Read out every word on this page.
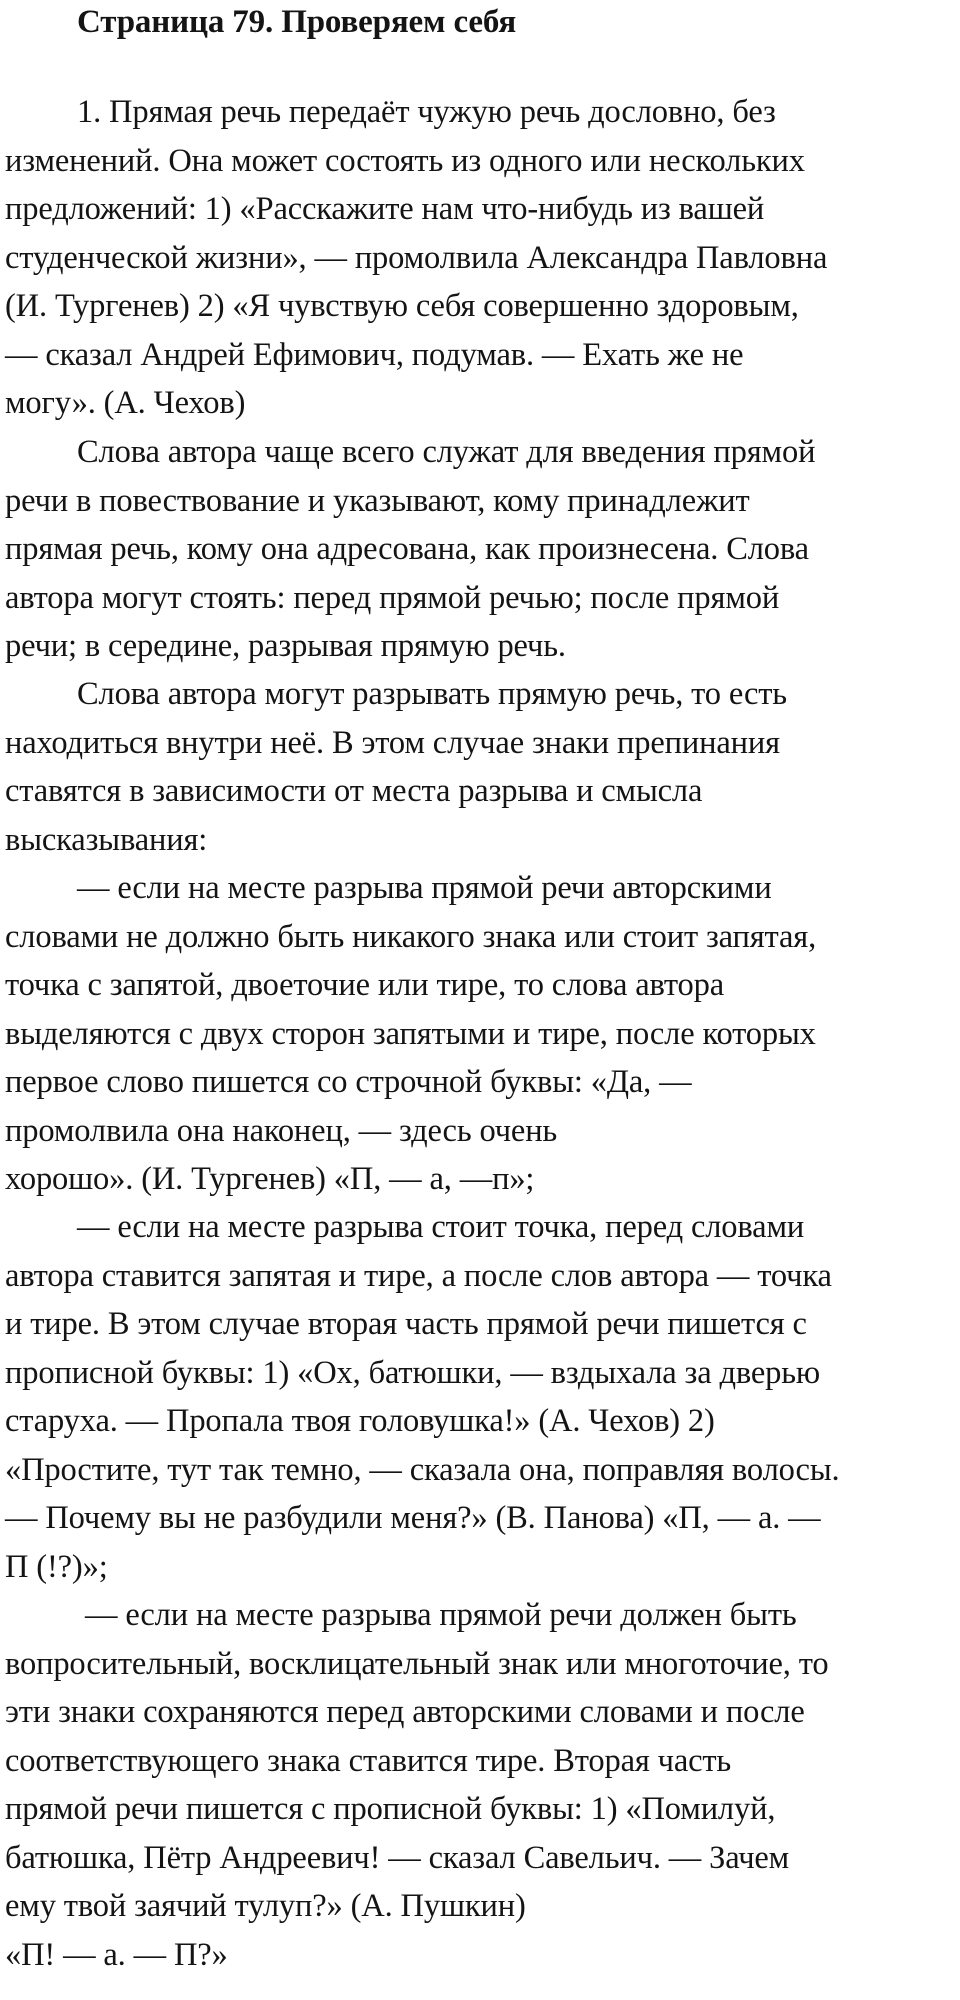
Страница 79. Проверяем себя

1. Прямая речь передаёт чужую речь дословно, без
изменений. Она может состоять из одного или нескольких
предложений: 1) «Расскажите нам что-нибудь из вашей
студенческой жизни», — промолвила Александра Павловна
(И. Тургенев) 2) «Я чувствую себя совершенно здоровым,
— сказал Андрей Ефимович, подумав. — Ехать же не
могу». (А. Чехов)

Слова автора чаще всего служат для введения прямой
речи в повествование и указывают, кому принадлежит
прямая речь, кому она адресована, как произнесена. Слова
автора могут стоять: перед прямой речью; после прямой
речи; в середине, разрывая прямую речь.

Слова автора могут разрывать прямую речь, то есть
находиться внутри неё. В этом случае знаки препинания
ставятся в зависимости от места разрыва и смысла
высказывания:

— если на месте разрыва прямой речи авторскими
словами не должно быть никакого знака или стоит запятая,
точка с запятой, двоеточие или тире, то слова автора
выделяются с двух сторон запятыми и тире, после которых
первое слово пишется со строчной буквы: «Да, —
промолвила она наконец, — здесь очень
хорошо». (И. Тургенев) «П, — а, —п»;

— если на месте разрыва стоит точка, перед словами
автора ставится запятая и тире, а после слов автора — точка
и тире. В этом случае вторая часть прямой речи пишется с
прописной буквы: 1) «Ох, батюшки, — вздыхала за дверью
старуха. — Пропала твоя головушка!» (А. Чехов) 2)
«Простите, тут так темно, — сказала она, поправляя волосы.
— Почему вы не разбудили меня?» (В. Панова) «П, — а. —
П (!?)»;

— если на месте разрыва прямой речи должен быть
вопросительный, восклицательный знак или многоточие, то
эти знаки сохраняются перед авторскими словами и после
соответствующего знака ставится тире. Вторая часть
прямой речи пишется с прописной буквы: 1) «Помилуй,
батюшка, Пётр Андреевич! — сказал Савельич. — Зачем
ему твой заячий тулуп?» (А. Пушкин)
«П! — а. — П?»
